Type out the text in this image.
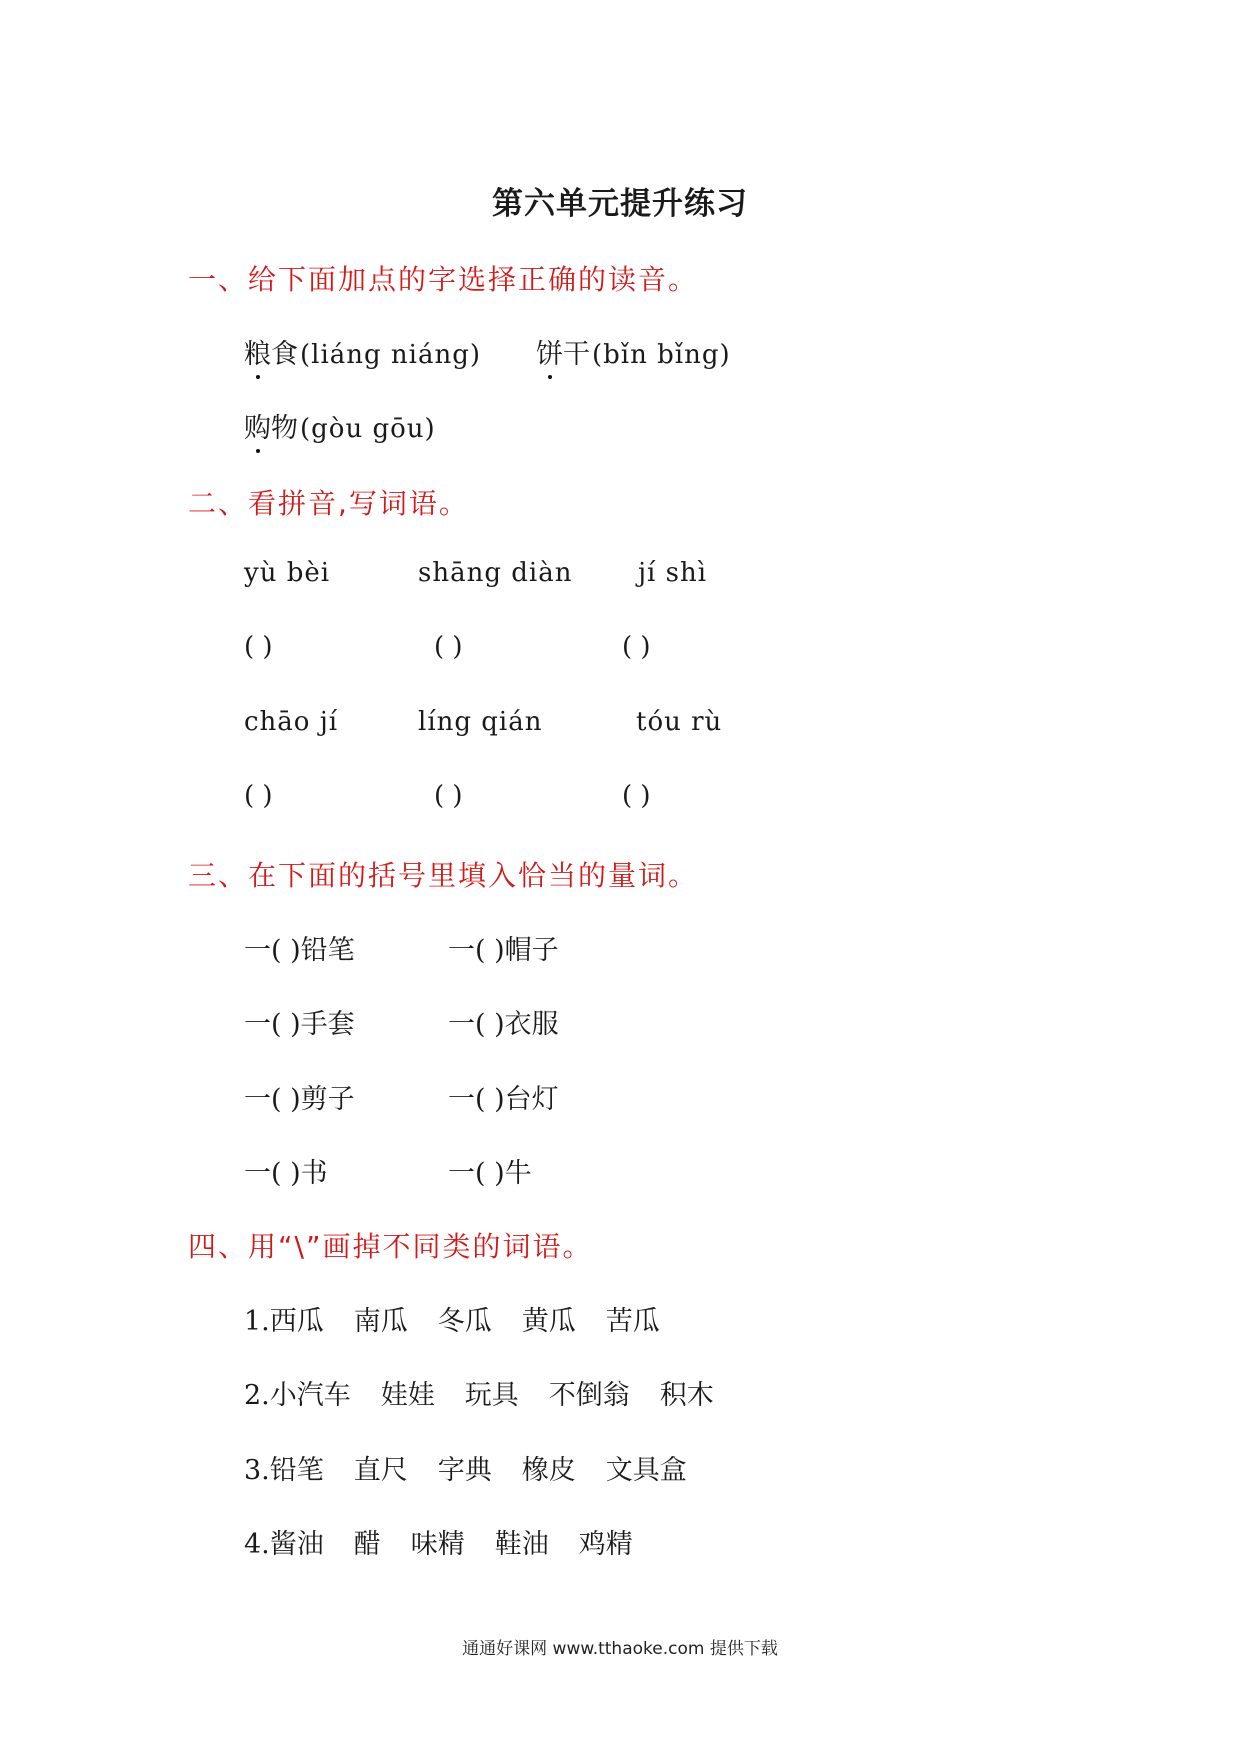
第六单元提升练习
一、给下面加点的字选择正确的读音。
粮食(liáng niáng) 饼干(bǐn bǐng)
购物(gòu gōu)
二、看拼音,写词语。
yù bèi	shāng diàn	jí shì
( )	( )	( )
chāo jí	líng qián	tóu rù
( )	( )	( )
三、在下面的括号里填入恰当的量词。
一( )铅笔	一( )帽子
一( )手套	一( )衣服
一( )剪子	一( )台灯
一( )书	一( )牛
四、用“\”画掉不同类的词语。
1.西瓜 南瓜 冬瓜 黄瓜 苦瓜
2.小汽车 娃娃 玩具 不倒翁 积木
3.铅笔 直尺 字典 橡皮 文具盒
4.酱油 醋 味精 鞋油 鸡精
通通好课网 www.tthaoke.com 提供下载
